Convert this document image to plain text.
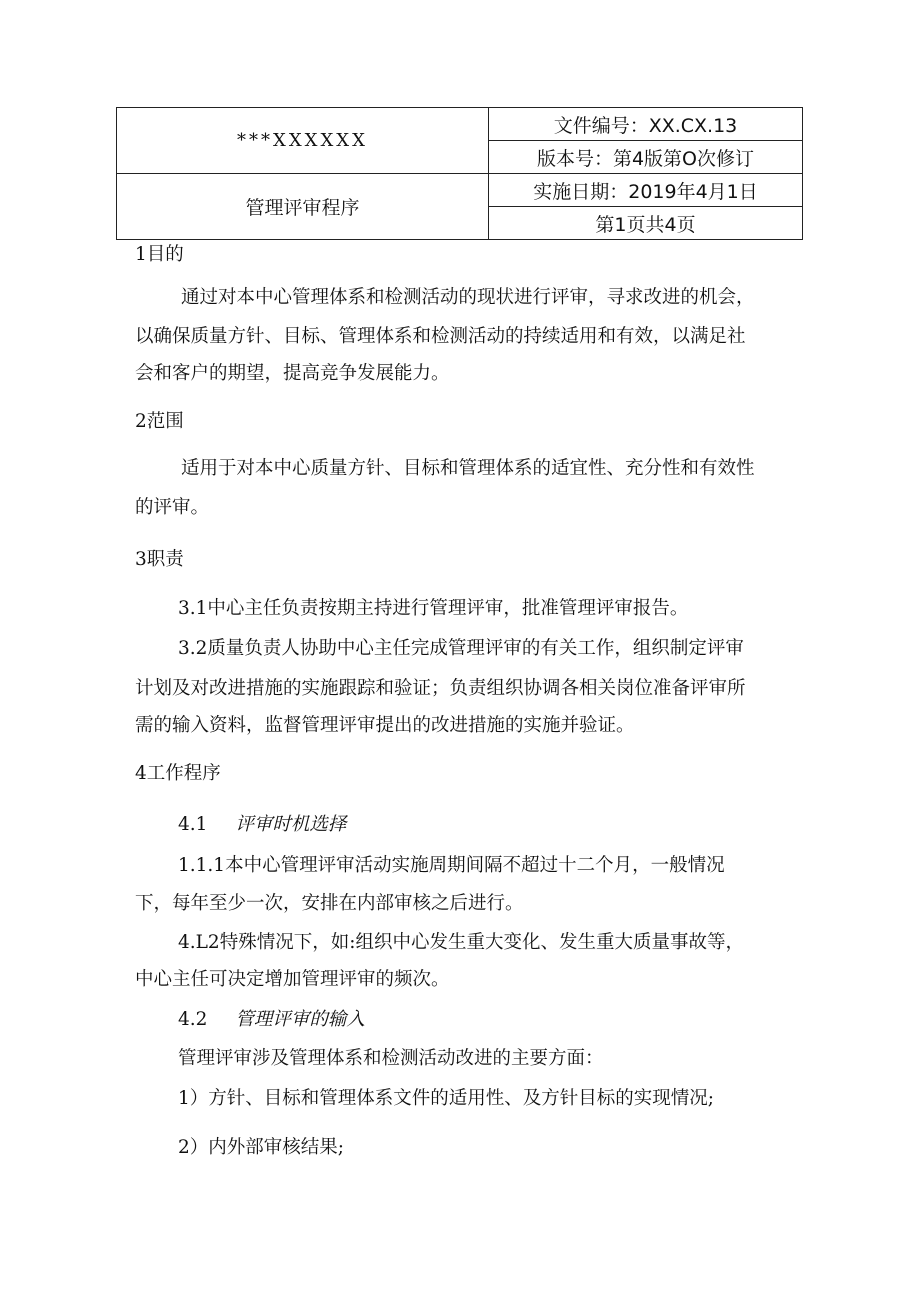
***XXXXXX	文件编号：XX.CX.13
	版本号：第4版第O次修订
管理评审程序	实施日期：2019年4月1日
	第1页共4页
1目的
通过对本中心管理体系和检测活动的现状进行评审，寻求改进的机会，
以确保质量方针、目标、管理体系和检测活动的持续适用和有效，以满足社
会和客户的期望，提高竞争发展能力。
2范围
适用于对本中心质量方针、目标和管理体系的适宜性、充分性和有效性
的评审。
3职责
3.1中心主任负责按期主持进行管理评审，批准管理评审报告。
3.2质量负责人协助中心主任完成管理评审的有关工作，组织制定评审
计划及对改进措施的实施跟踪和验证；负责组织协调各相关岗位准备评审所
需的输入资料，监督管理评审提出的改进措施的实施并验证。
4工作程序
4.1 评审时机选择
1.1.1本中心管理评审活动实施周期间隔不超过十二个月，一般情况
下，每年至少一次，安排在内部审核之后进行。
4.L2特殊情况下，如:组织中心发生重大变化、发生重大质量事故等，
中心主任可决定增加管理评审的频次。
4.2 管理评审的输入
管理评审涉及管理体系和检测活动改进的主要方面：
1）方针、目标和管理体系文件的适用性、及方针目标的实现情况;
2）内外部审核结果;
